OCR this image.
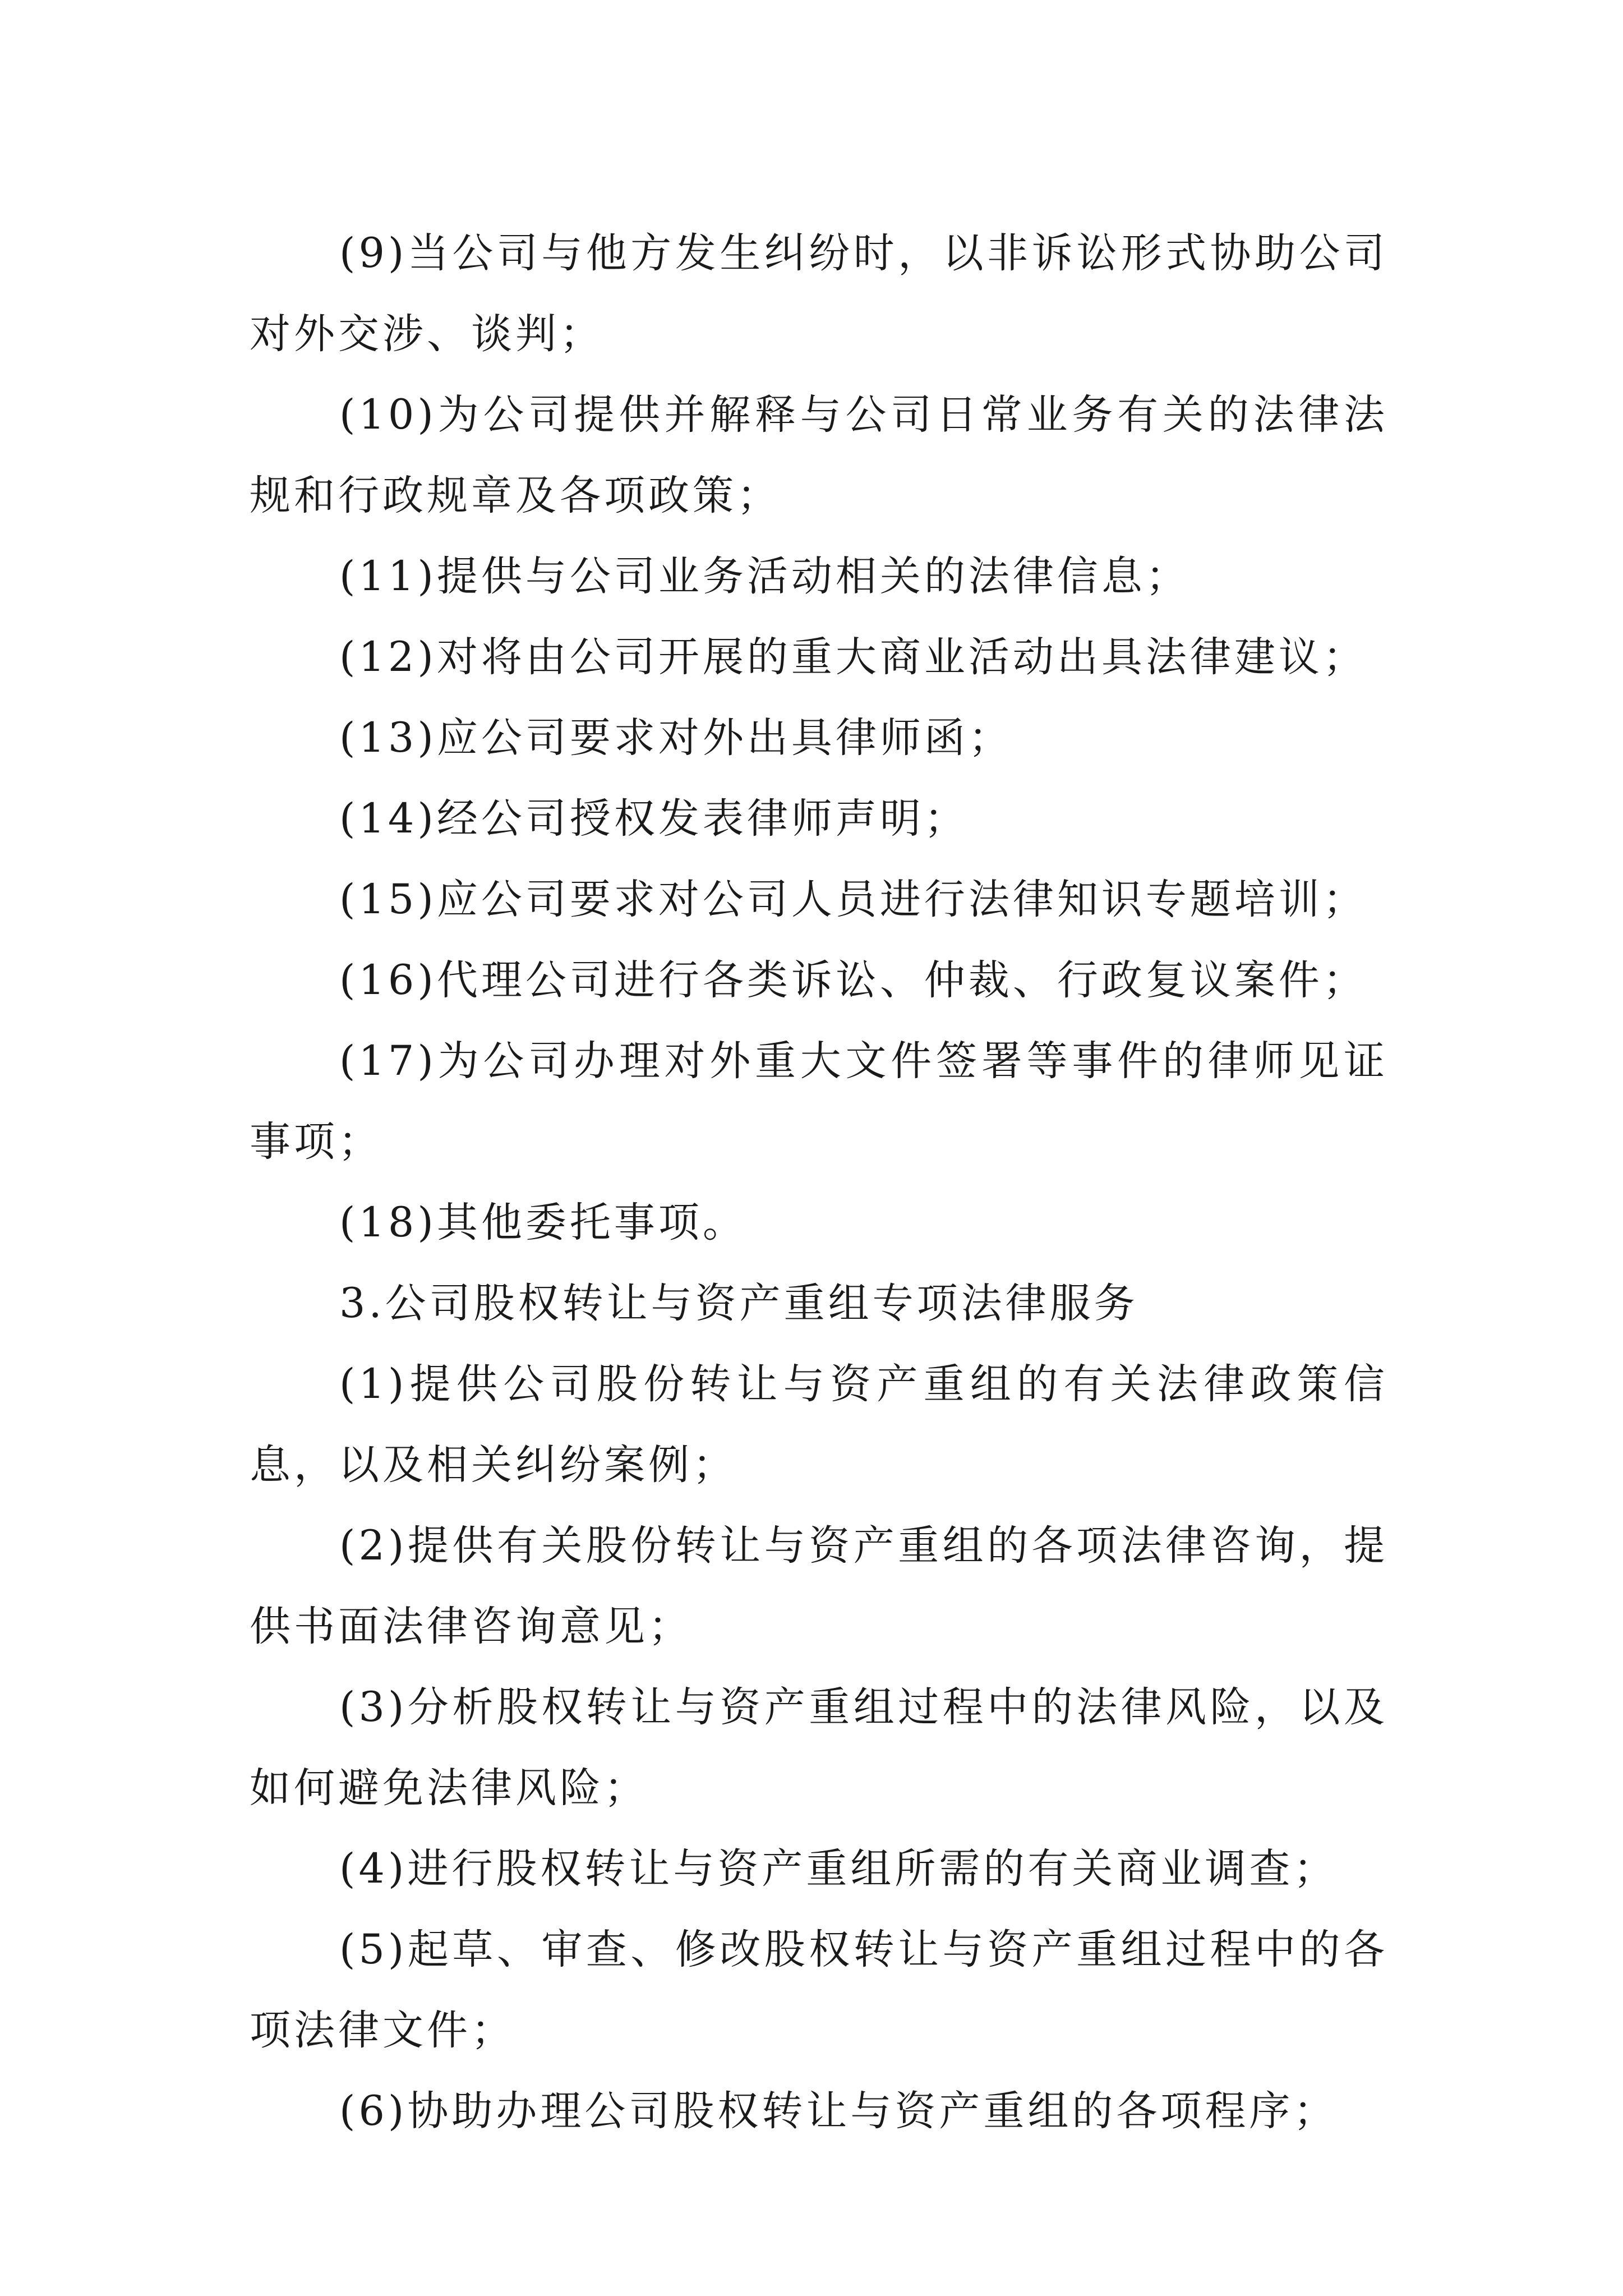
(9)当公司与他方发生纠纷时，以非诉讼形式协助公司对外交涉、谈判；

(10)为公司提供并解释与公司日常业务有关的法律法规和行政规章及各项政策；

(11)提供与公司业务活动相关的法律信息；

(12)对将由公司开展的重大商业活动出具法律建议；

(13)应公司要求对外出具律师函；

(14)经公司授权发表律师声明；

(15)应公司要求对公司人员进行法律知识专题培训；

(16)代理公司进行各类诉讼、仲裁、行政复议案件；

(17)为公司办理对外重大文件签署等事件的律师见证事项；

(18)其他委托事项。

3.公司股权转让与资产重组专项法律服务

(1)提供公司股份转让与资产重组的有关法律政策信息，以及相关纠纷案例；

(2)提供有关股份转让与资产重组的各项法律咨询，提供书面法律咨询意见；

(3)分析股权转让与资产重组过程中的法律风险，以及如何避免法律风险；

(4)进行股权转让与资产重组所需的有关商业调查；

(5)起草、审查、修改股权转让与资产重组过程中的各项法律文件；

(6)协助办理公司股权转让与资产重组的各项程序；
